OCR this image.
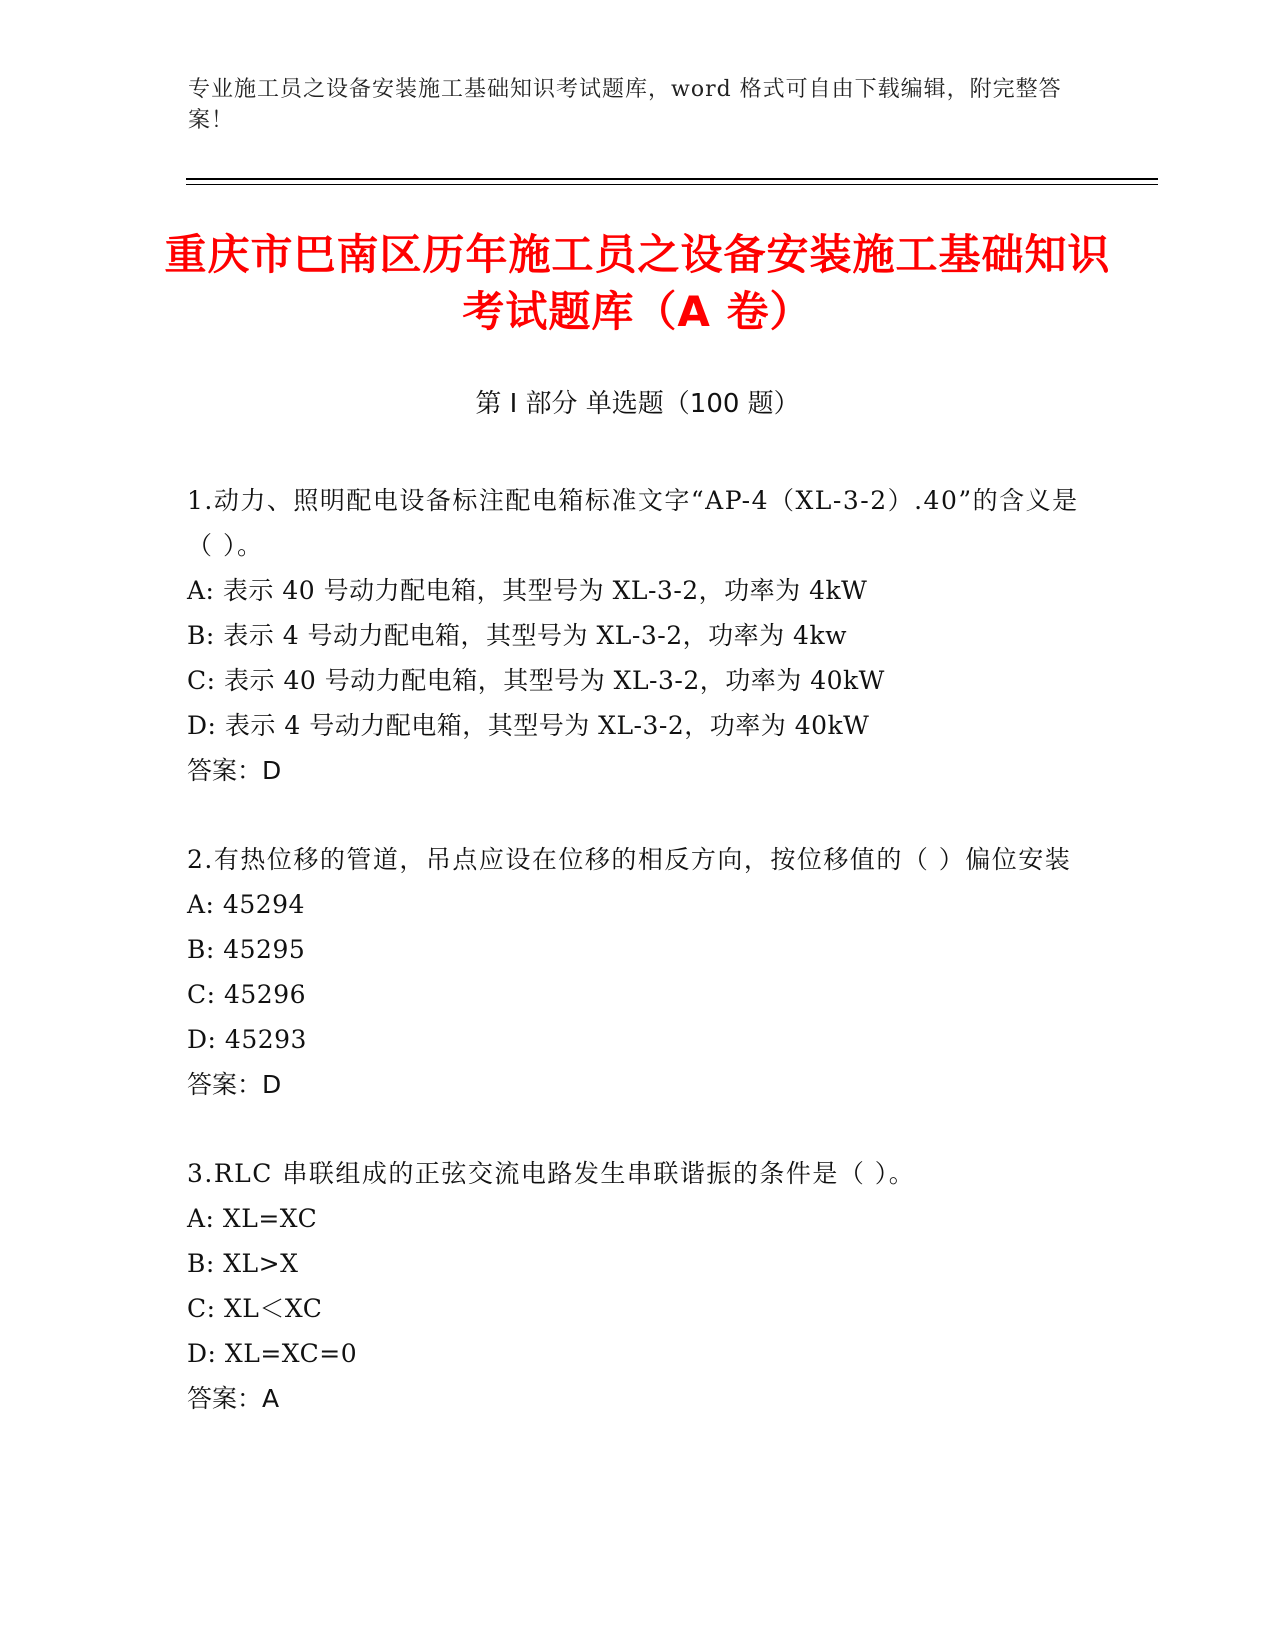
专业施工员之设备安装施工基础知识考试题库，word 格式可自由下载编辑，附完整答案！
重庆市巴南区历年施工员之设备安装施工基础知识考试题库（A 卷）
第 I 部分 单选题（100 题）
1.动力、照明配电设备标注配电箱标准文字“AP-4（XL-3-2）.40”的含义是（ ）。
A: 表示 40 号动力配电箱，其型号为 XL-3-2，功率为 4kW
B: 表示 4 号动力配电箱，其型号为 XL-3-2，功率为 4kw
C: 表示 40 号动力配电箱，其型号为 XL-3-2，功率为 40kW
D: 表示 4 号动力配电箱，其型号为 XL-3-2，功率为 40kW
答案：D
2.有热位移的管道，吊点应设在位移的相反方向，按位移值的（ ）偏位安装
A: 45294
B: 45295
C: 45296
D: 45293
答案：D
3.RLC 串联组成的正弦交流电路发生串联谐振的条件是（ ）。
A: XL=XC
B: XL>X
C: XL＜XC
D: XL=XC=0
答案：A
